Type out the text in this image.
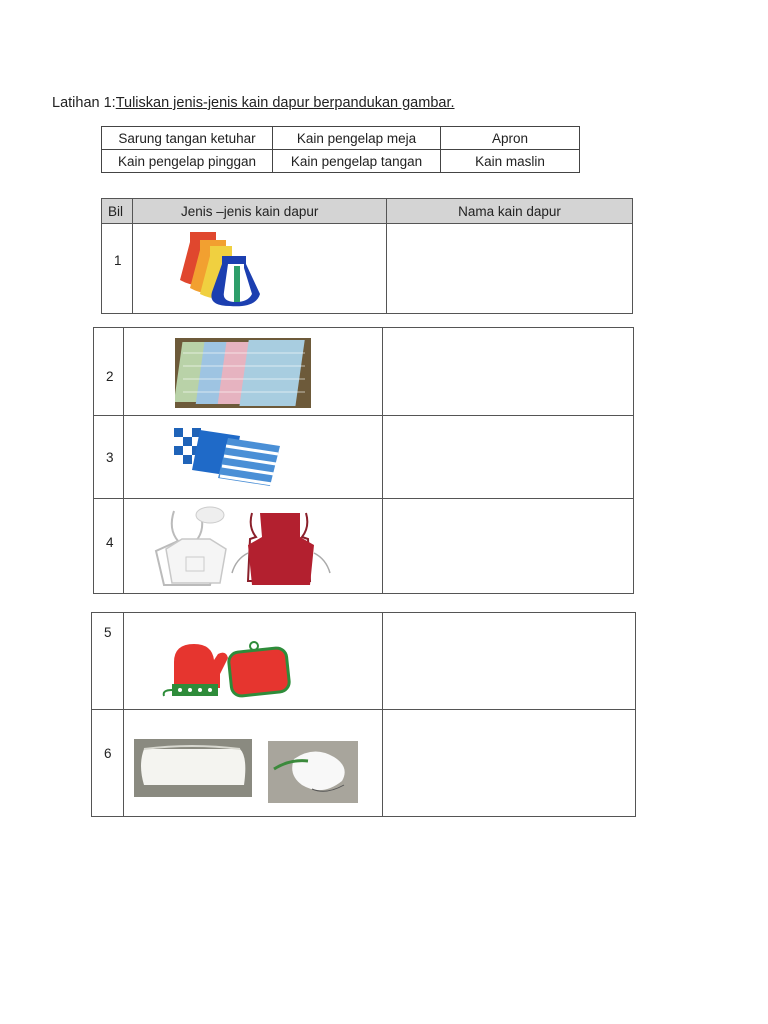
Latihan 1:Tuliskan jenis-jenis kain dapur berpandukan gambar.
Sarung tangan ketuhar	Kain pengelap meja	Apron
Kain pengelap pinggan	Kain pengelap tangan	Kain maslin
Bil	Jenis –jenis kain dapur	Nama kain dapur
1
2
3
4
5
6
